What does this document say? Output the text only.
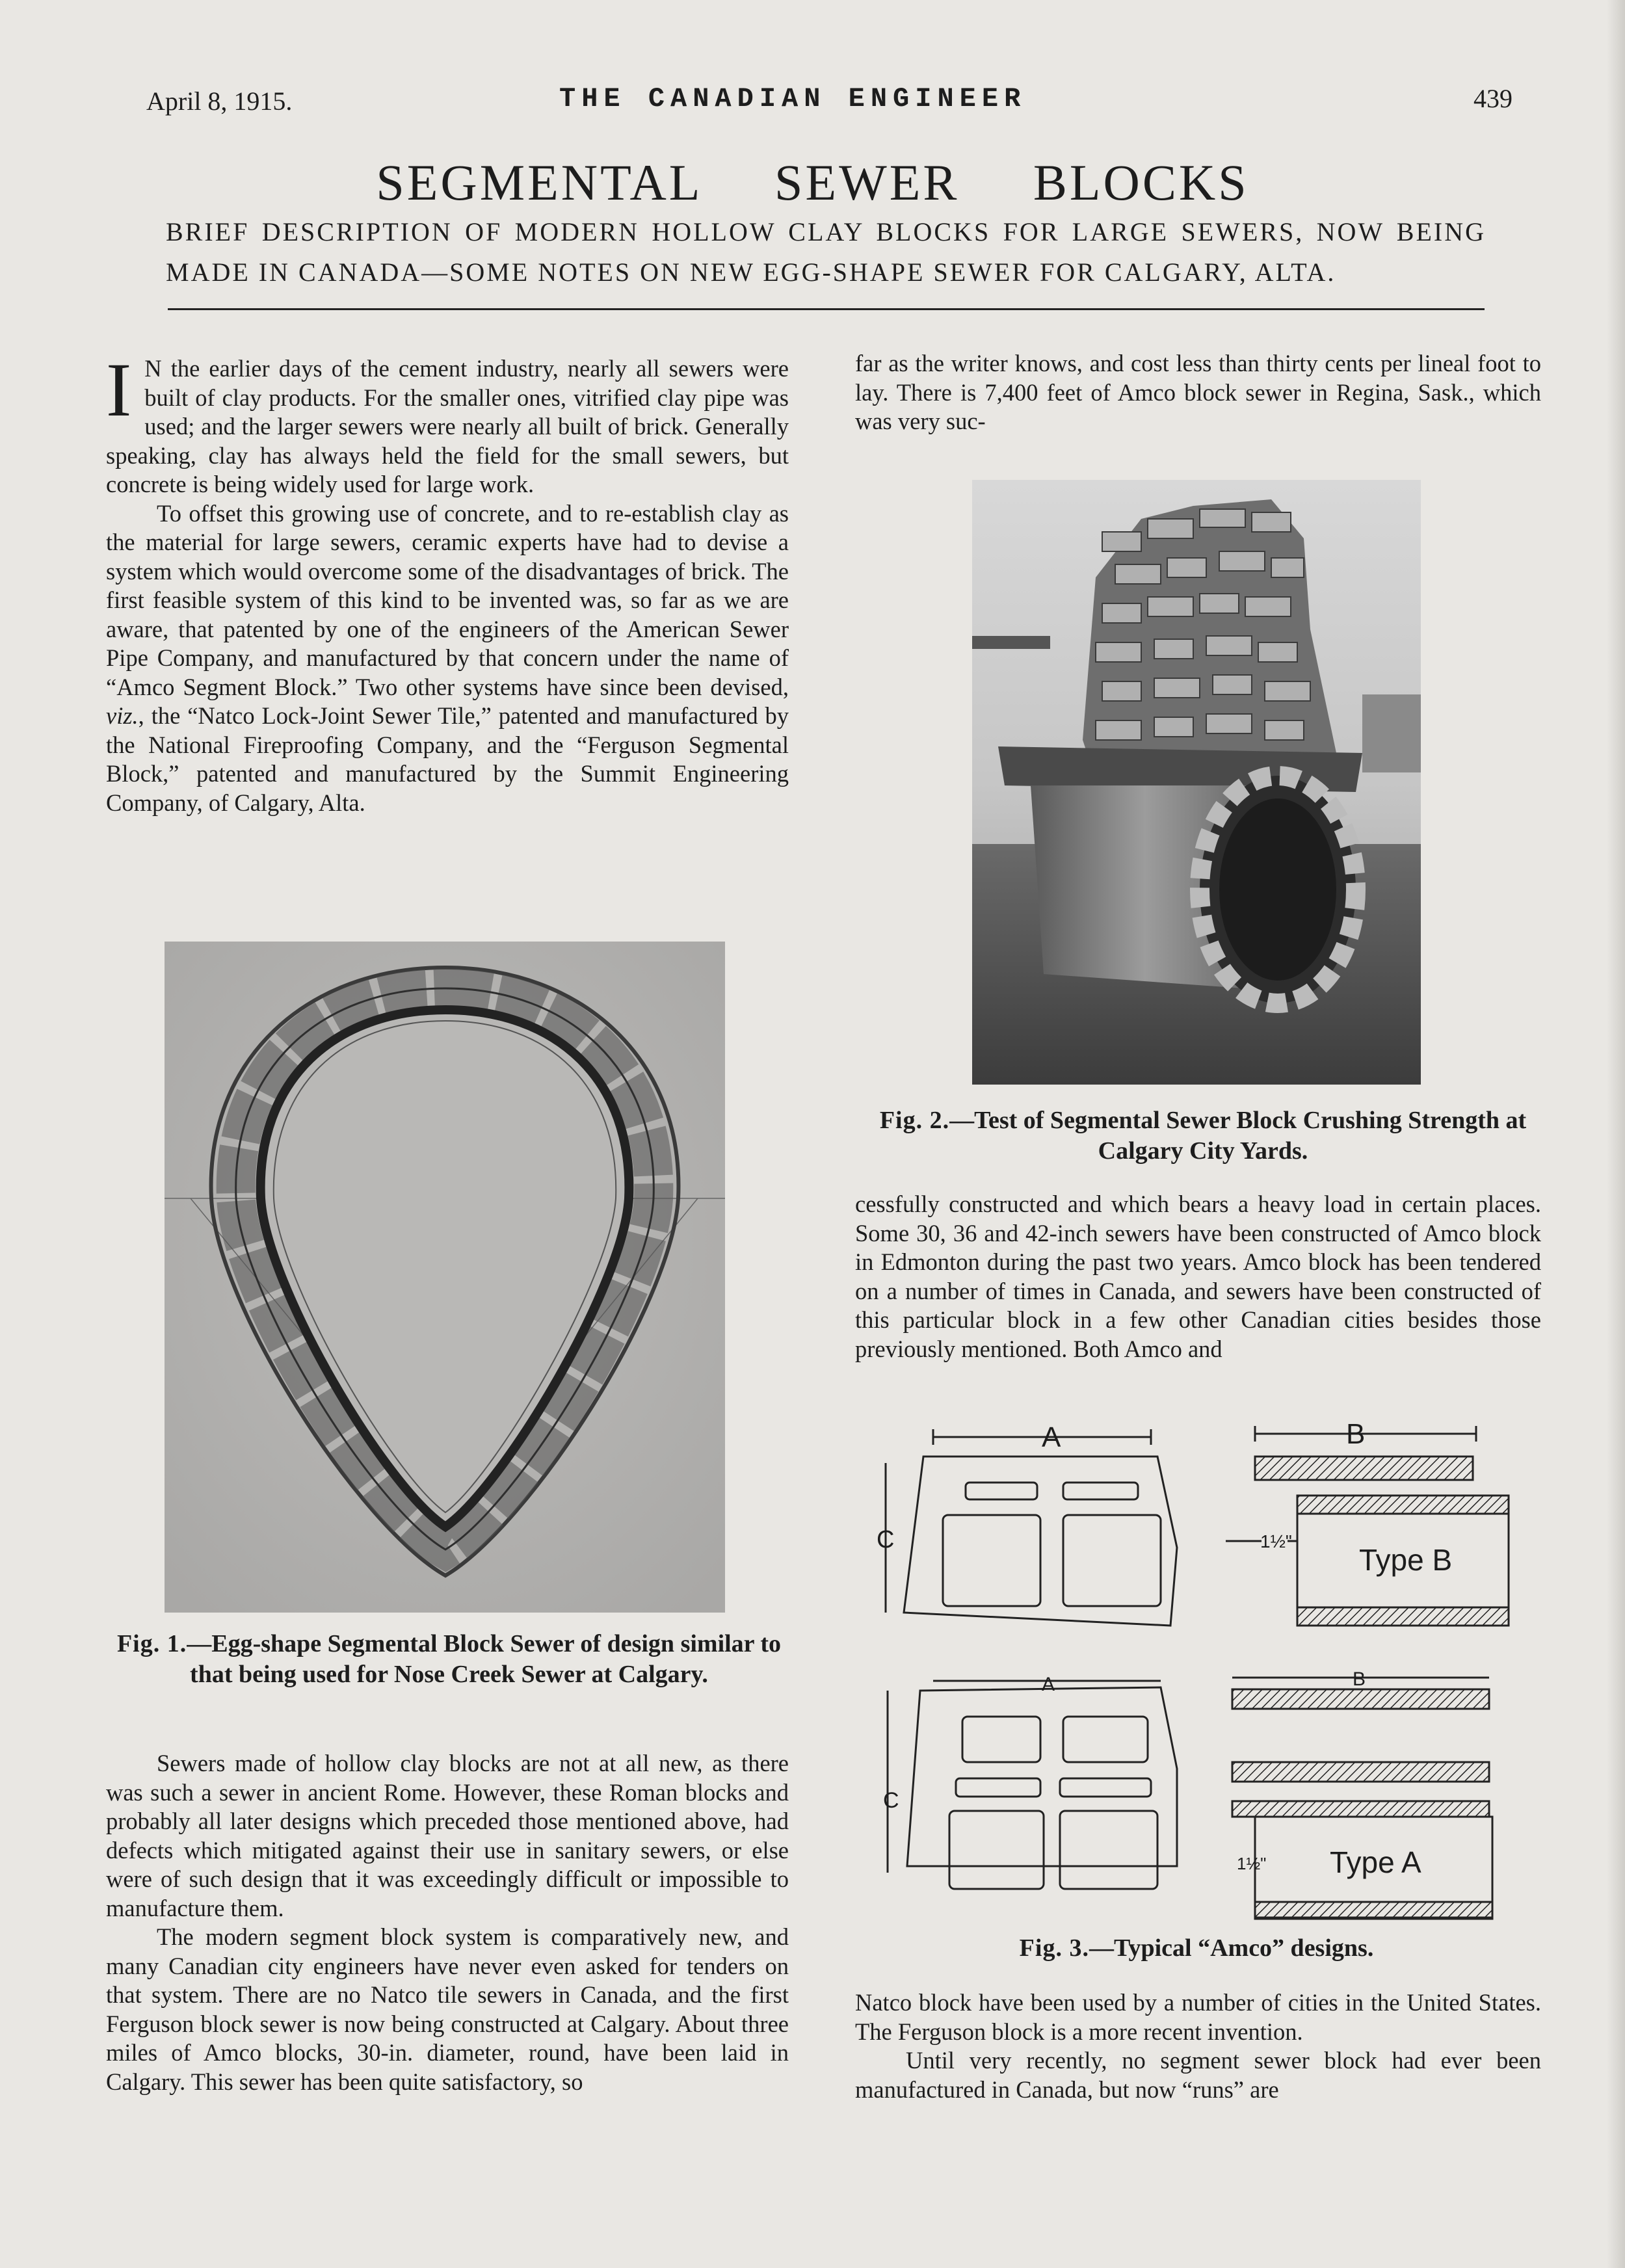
April 8, 1915.	THE CANADIAN ENGINEER	439
SEGMENTAL SEWER BLOCKS
BRIEF DESCRIPTION OF MODERN HOLLOW CLAY BLOCKS FOR LARGE SEWERS, NOW BEING MADE IN CANADA—SOME NOTES ON NEW EGG-SHAPE SEWER FOR CALGARY, ALTA.

I N the earlier days of the cement industry, nearly all sewers were built of clay products. For the smaller ones, vitrified clay pipe was used; and the larger sewers were nearly all built of brick. Generally speaking, clay has always held the field for the small sewers, but concrete is being widely used for large work.

To offset this growing use of concrete, and to re-establish clay as the material for large sewers, ceramic experts have had to devise a system which would overcome some of the disadvantages of brick. The first feasible system of this kind to be invented was, so far as we are aware, that patented by one of the engineers of the American Sewer Pipe Company, and manufactured by that concern under the name of “Amco Segment Block.” Two other systems have since been devised, viz., the “Natco Lock-Joint Sewer Tile,” patented and manufactured by the National Fireproofing Company, and the “Ferguson Segmental Block,” patented and manufactured by the Summit Engineering Company, of Calgary, Alta.

Fig. 1.—Egg-shape Segmental Block Sewer of design similar to that being used for Nose Creek Sewer at Calgary.

Sewers made of hollow clay blocks are not at all new, as there was such a sewer in ancient Rome. However, these Roman blocks and probably all later designs which preceded those mentioned above, had defects which mitigated against their use in sanitary sewers, or else were of such design that it was exceedingly difficult or impossible to manufacture them.

The modern segment block system is comparatively new, and many Canadian city engineers have never even asked for tenders on that system. There are no Natco tile sewers in Canada, and the first Ferguson block sewer is now being constructed at Calgary. About three miles of Amco blocks, 30-in. diameter, round, have been laid in Calgary. This sewer has been quite satisfactory, so

far as the writer knows, and cost less than thirty cents per lineal foot to lay. There is 7,400 feet of Amco block sewer in Regina, Sask., which was very suc-

Fig. 2.—Test of Segmental Sewer Block Crushing Strength at Calgary City Yards.

cessfully constructed and which bears a heavy load in certain places. Some 30, 36 and 42-inch sewers have been constructed of Amco block in Edmonton during the past two years. Amco block has been tendered on a number of times in Canada, and sewers have been constructed of this particular block in a few other Canadian cities besides those previously mentioned. Both Amco and

A	B
C	1½"
Type B
A	B
C
1½" Type A
Fig. 3.—Typical “Amco” designs.

Natco block have been used by a number of cities in the United States. The Ferguson block is a more recent invention.

Until very recently, no segment sewer block had ever been manufactured in Canada, but now “runs” are
